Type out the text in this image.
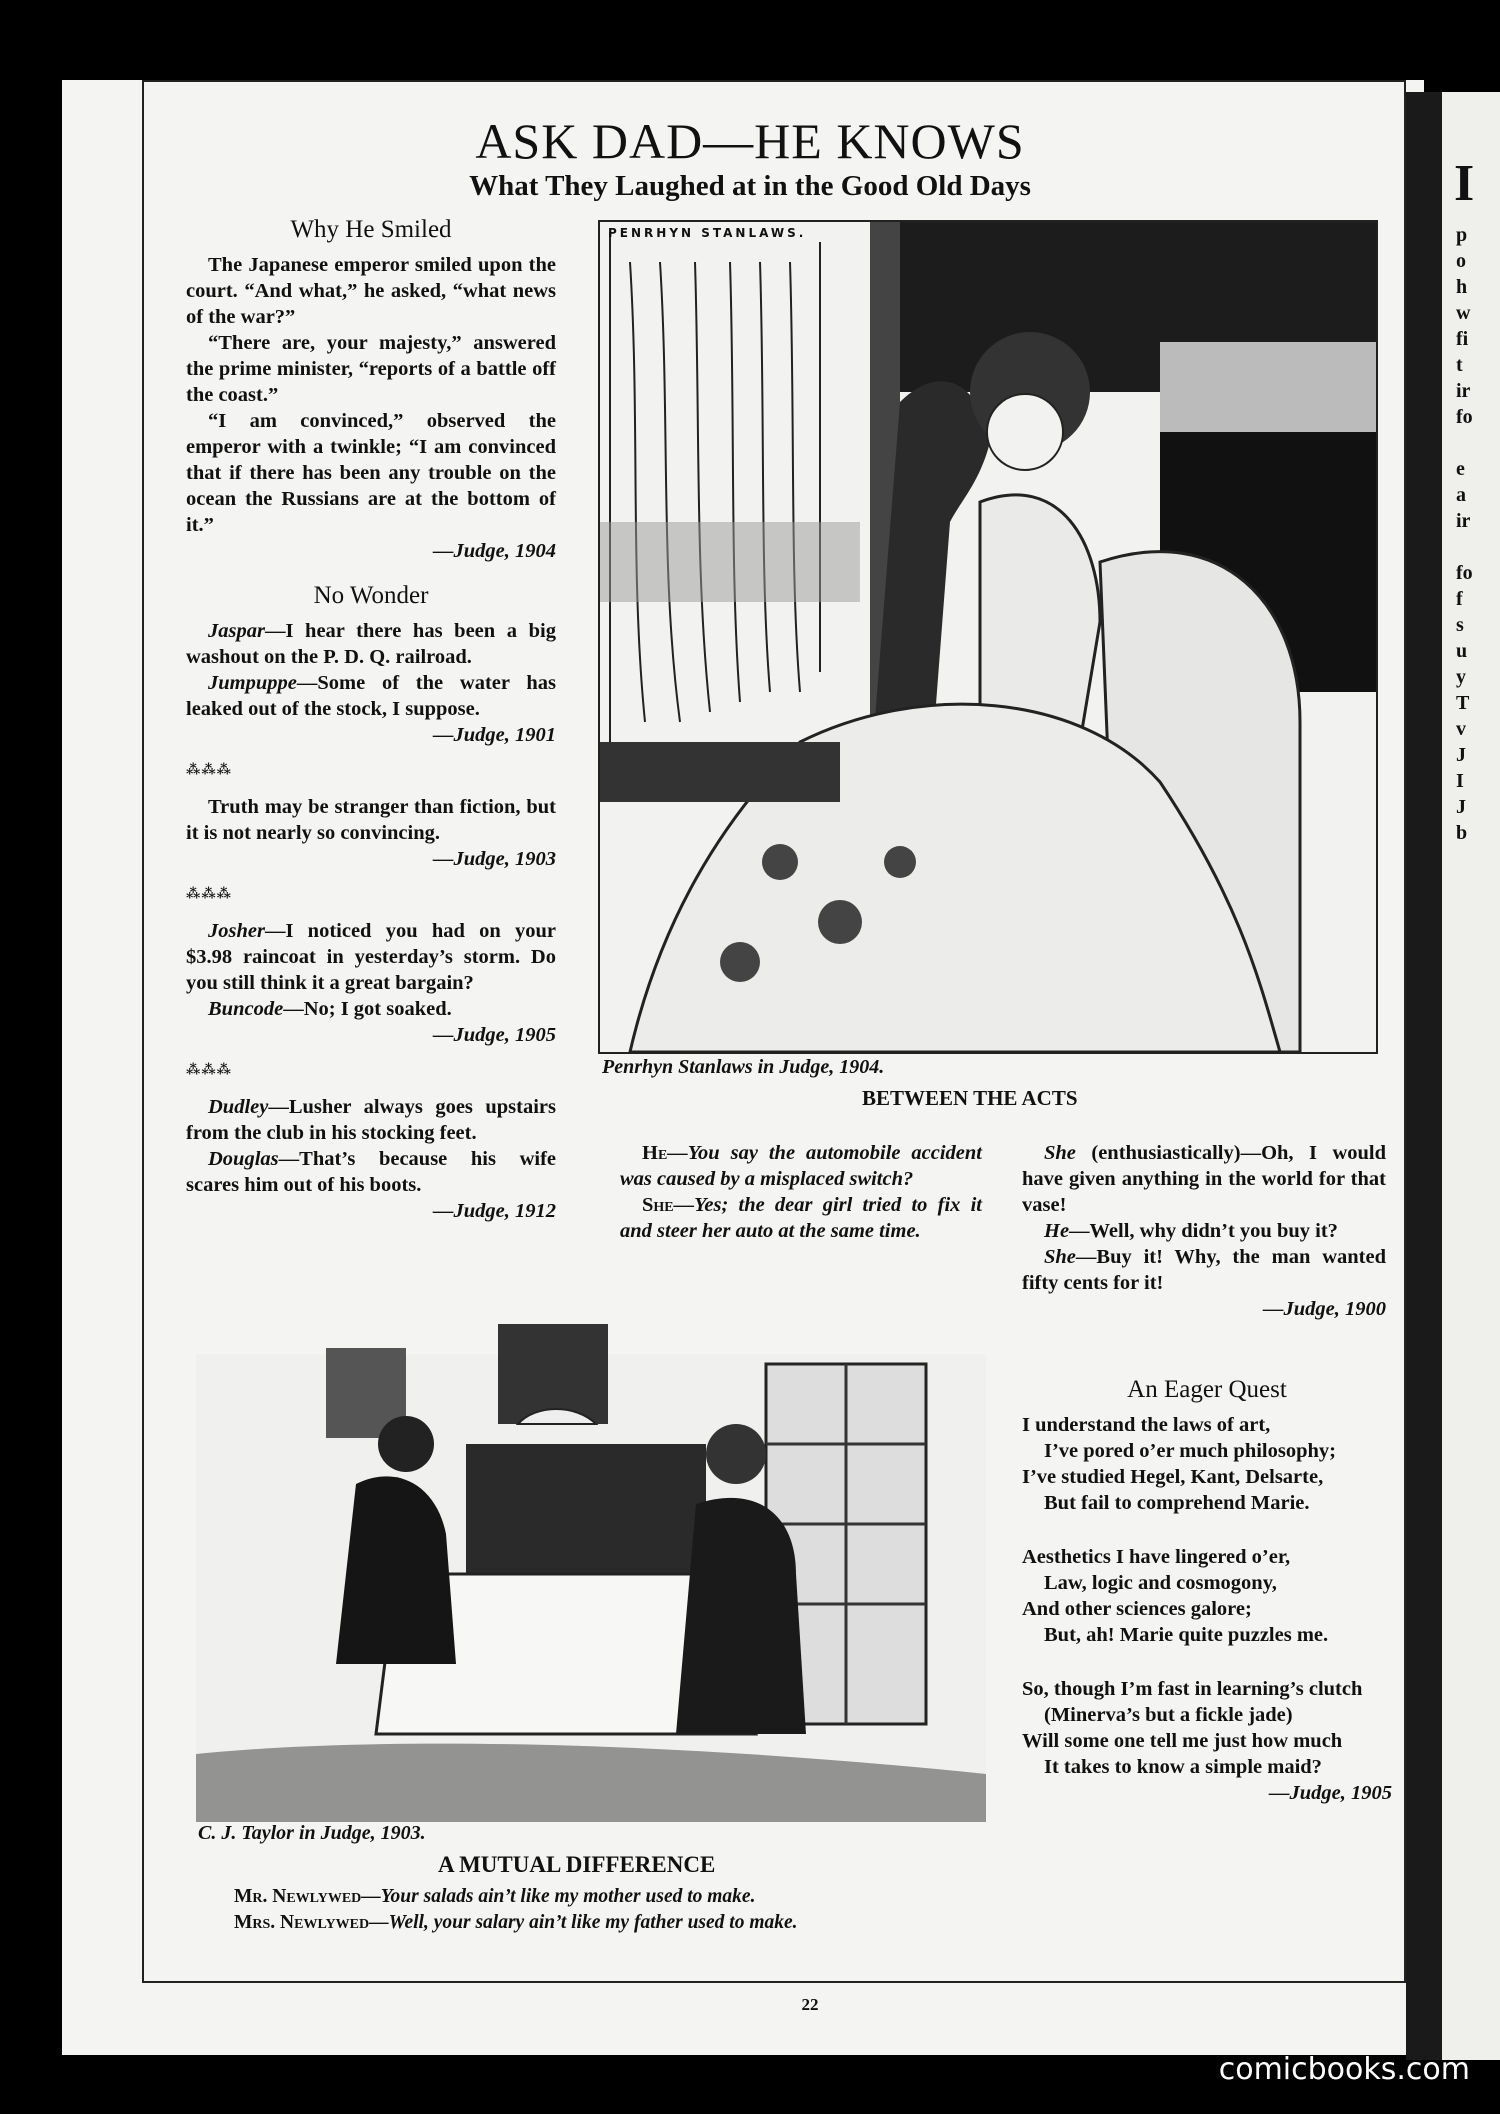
I
p
o
h
w
fi
t
ir
fo
e
a
ir
fo
f
s
u
y
T
v
J
I
J
b
ASK DAD—HE KNOWS
What They Laughed at in the Good Old Days
Why He Smiled

The Japanese emperor smiled upon the court. “And what,” he asked, “what news of the war?”

“There are, your majesty,” answered the prime minister, “reports of a battle off the coast.”

“I am convinced,” observed the emperor with a twinkle; “I am convinced that if there has been any trouble on the ocean the Russians are at the bottom of it.”

—Judge, 1904

No Wonder

Jaspar—I hear there has been a big washout on the P. D. Q. railroad.

Jumpuppe—Some of the water has leaked out of the stock, I suppose.

—Judge, 1901

⁂⁂⁂

Truth may be stranger than fiction, but it is not nearly so convincing.

—Judge, 1903

⁂⁂⁂

Josher—I noticed you had on your $3.98 raincoat in yesterday’s storm. Do you still think it a great bargain?

Buncode—No; I got soaked.

—Judge, 1905

⁂⁂⁂

Dudley—Lusher always goes upstairs from the club in his stocking feet.

Douglas—That’s because his wife scares him out of his boots.

—Judge, 1912

PENRHYN STANLAWS.
Penrhyn Stanlaws in Judge, 1904.
BETWEEN THE ACTS

He—You say the automobile accident was caused by a misplaced switch?

She—Yes; the dear girl tried to fix it and steer her auto at the same time.

She (enthusiastically)—Oh, I would have given anything in the world for that vase!

He—Well, why didn’t you buy it?

She—Buy it! Why, the man wanted fifty cents for it!

—Judge, 1900

C. J. Taylor in Judge, 1903.
A MUTUAL DIFFERENCE

Mr. Newlywed—Your salads ain’t like my mother used to make.

Mrs. Newlywed—Well, your salary ain’t like my father used to make.

An Eager Quest

I understand the laws of art,

I’ve pored o’er much philosophy;

I’ve studied Hegel, Kant, Delsarte,

But fail to comprehend Marie.

Aesthetics I have lingered o’er,

Law, logic and cosmogony,

And other sciences galore;

But, ah! Marie quite puzzles me.

So, though I’m fast in learning’s clutch

(Minerva’s but a fickle jade)

Will some one tell me just how much

It takes to know a simple maid?

—Judge, 1905

22
comicbooks.com
